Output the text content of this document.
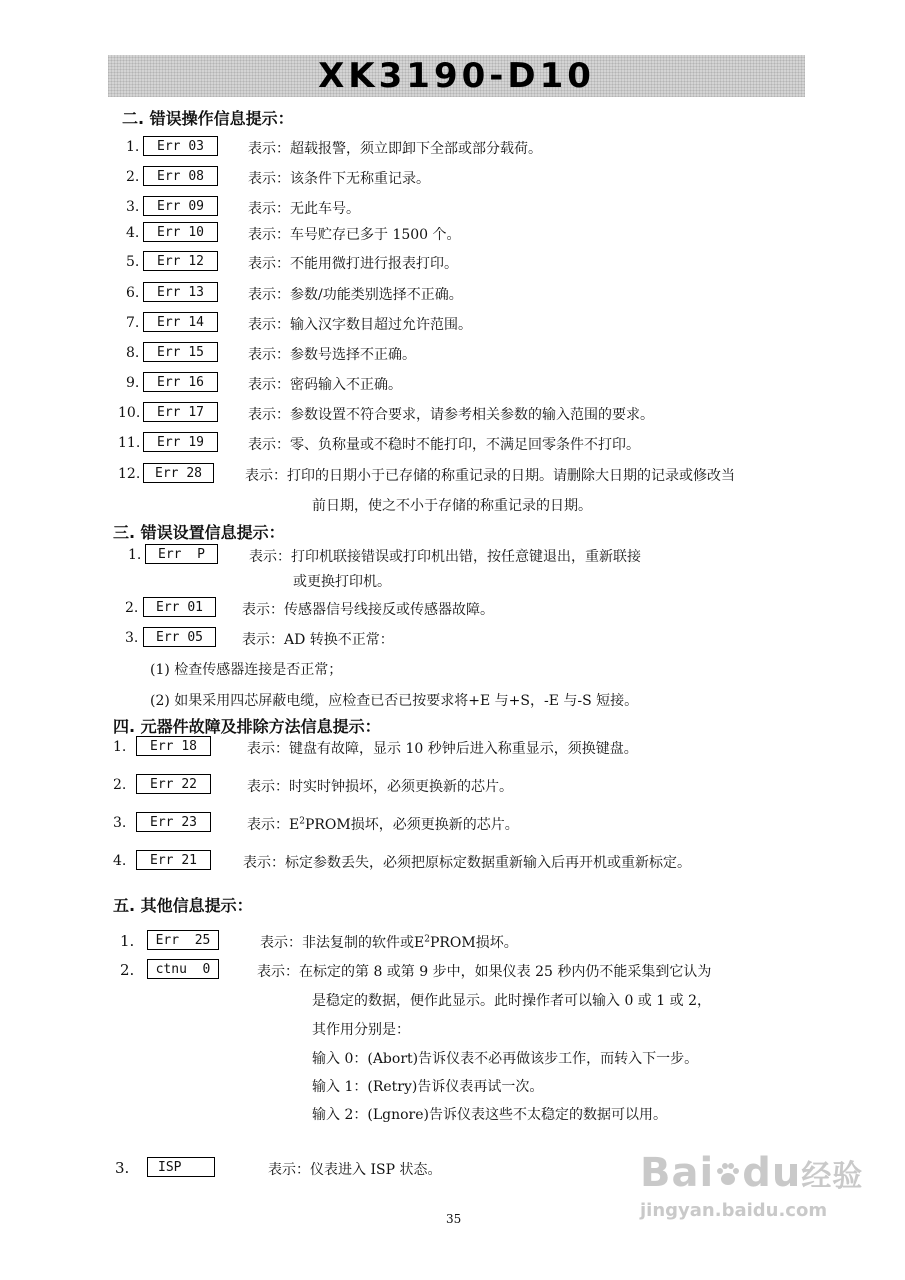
XK3190-D10
二. 错误操作信息提示：
1.	Err 03	表示：超载报警，须立即卸下全部或部分载荷。
2.	Err 08	表示：该条件下无称重记录。
3.	Err 09	表示：无此车号。
4.	Err 10	表示：车号贮存已多于 1500 个。
5.	Err 12	表示：不能用微打进行报表打印。
6.	Err 13	表示：参数/功能类别选择不正确。
7.	Err 14	表示：输入汉字数目超过允许范围。
8.	Err 15	表示：参数号选择不正确。
9.	Err 16	表示：密码输入不正确。
10.	Err 17	表示：参数设置不符合要求，请参考相关参数的输入范围的要求。
11.	Err 19	表示：零、负称量或不稳时不能打印，不满足回零条件不打印。
12.	Err 28	表示：打印的日期小于已存储的称重记录的日期。请删除大日期的记录或修改当
前日期，使之不小于存储的称重记录的日期。
三. 错误设置信息提示：
1.	Err  P	表示：打印机联接错误或打印机出错，按任意键退出，重新联接
或更换打印机。
2.	Err 01	表示：传感器信号线接反或传感器故障。
3.	Err 05	表示：AD 转换不正常：
(1) 检查传感器连接是否正常；
(2) 如果采用四芯屏蔽电缆，应检查已否已按要求将+E 与+S，-E 与-S 短接。
四. 元器件故障及排除方法信息提示：
1.	Err 18	表示：键盘有故障，显示 10 秒钟后进入称重显示，须换键盘。
2.	Err 22	表示：时实时钟损坏，必须更换新的芯片。
3.	Err 23	表示：$E^2PROM$损坏，必须更换新的芯片。
4.	Err 21	表示：标定参数丢失，必须把原标定数据重新输入后再开机或重新标定。
五. 其他信息提示：
1.	Err  25	表示：非法复制的软件或$E^2PROM$损坏。
2.	ctnu  0	表示：在标定的第 8 或第 9 步中，如果仪表 25 秒内仍不能采集到它认为
是稳定的数据，便作此显示。此时操作者可以输入 0 或 1 或 2，
其作用分别是：
输入 0：(Abort)告诉仪表不必再做该步工作，而转入下一步。
输入 1：(Retry)告诉仪表再试一次。
输入 2：(Lgnore)告诉仪表这些不太稳定的数据可以用。
3.	ISP	表示：仪表进入 ISP 状态。
35
Bai du经验
jingyan.baidu.com
